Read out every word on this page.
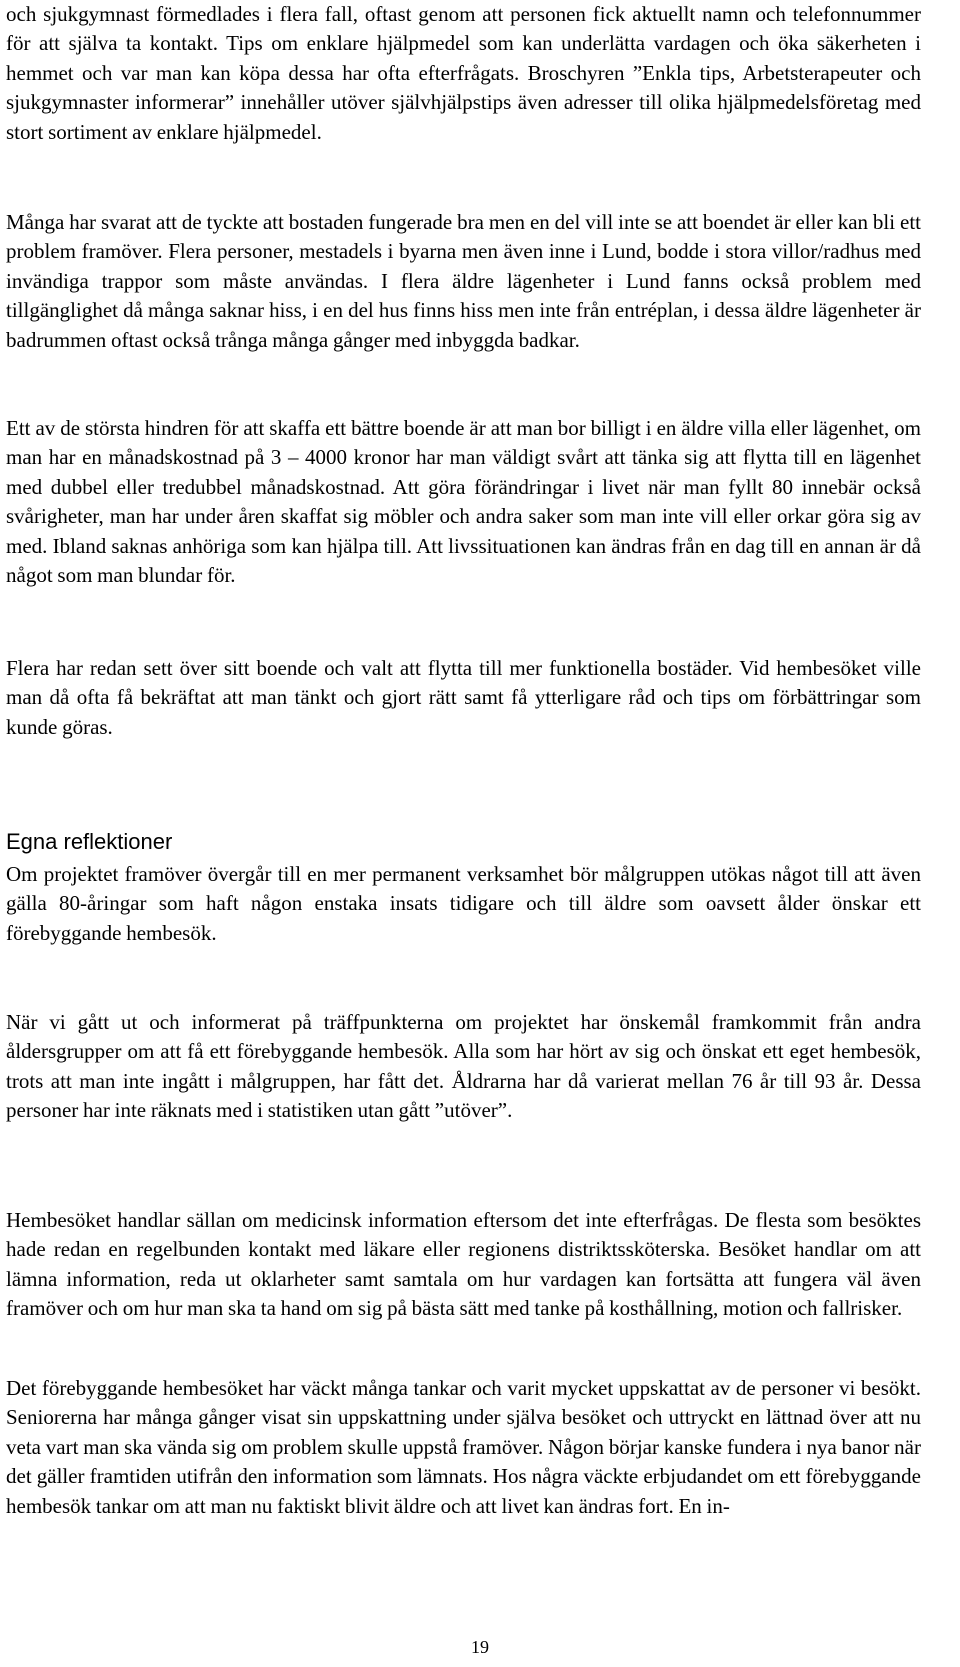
och sjukgymnast förmedlades i flera fall, oftast genom att personen fick aktuellt namn och telefonnummer för att själva ta kontakt. Tips om enklare hjälpmedel som kan underlätta vardagen och öka säkerheten i hemmet och var man kan köpa dessa har ofta efterfrågats. Broschyren ”Enkla tips, Arbetsterapeuter och sjukgymnaster informerar” innehåller utöver självhjälpstips även adresser till olika hjälpmedelsföretag med stort sortiment av enklare hjälpmedel.

Många har svarat att de tyckte att bostaden fungerade bra men en del vill inte se att boendet är eller kan bli ett problem framöver. Flera personer, mestadels i byarna men även inne i Lund, bodde i stora villor/radhus med invändiga trappor som måste användas. I flera äldre lägenheter i Lund fanns också problem med tillgänglighet då många saknar hiss, i en del hus finns hiss men inte från entréplan, i dessa äldre lägenheter är badrummen oftast också trånga många gånger med inbyggda badkar.

Ett av de största hindren för att skaffa ett bättre boende är att man bor billigt i en äldre villa eller lägenhet, om man har en månadskostnad på 3 – 4000 kronor har man väldigt svårt att tänka sig att flytta till en lägenhet med dubbel eller tredubbel månadskostnad. Att göra förändringar i livet när man fyllt 80 innebär också svårigheter, man har under åren skaffat sig möbler och andra saker som man inte vill eller orkar göra sig av med. Ibland saknas anhöriga som kan hjälpa till. Att livssituationen kan ändras från en dag till en annan är då något som man blundar för.

Flera har redan sett över sitt boende och valt att flytta till mer funktionella bostäder. Vid hembesöket ville man då ofta få bekräftat att man tänkt och gjort rätt samt få ytterligare råd och tips om förbättringar som kunde göras.

Egna reflektioner

Om projektet framöver övergår till en mer permanent verksamhet bör målgruppen utökas något till att även gälla 80-åringar som haft någon enstaka insats tidigare och till äldre som oavsett ålder önskar ett förebyggande hembesök.

När vi gått ut och informerat på träffpunkterna om projektet har önskemål framkommit från andra åldersgrupper om att få ett förebyggande hembesök. Alla som har hört av sig och önskat ett eget hembesök, trots att man inte ingått i målgruppen, har fått det. Åldrarna har då varierat mellan 76 år till 93 år. Dessa personer har inte räknats med i statistiken utan gått ”utöver”.

Hembesöket handlar sällan om medicinsk information eftersom det inte efterfrågas. De flesta som besöktes hade redan en regelbunden kontakt med läkare eller regionens distriktssköterska. Besöket handlar om att lämna information, reda ut oklarheter samt samtala om hur vardagen kan fortsätta att fungera väl även framöver och om hur man ska ta hand om sig på bästa sätt med tanke på kosthållning, motion och fallrisker.

Det förebyggande hembesöket har väckt många tankar och varit mycket uppskattat av de personer vi besökt. Seniorerna har många gånger visat sin uppskattning under själva besöket och uttryckt en lättnad över att nu veta vart man ska vända sig om problem skulle uppstå framöver. Någon börjar kanske fundera i nya banor när det gäller framtiden utifrån den information som lämnats. Hos några väckte erbjudandet om ett förebyggande hembesök tankar om att man nu faktiskt blivit äldre och att livet kan ändras fort. En in-

19
